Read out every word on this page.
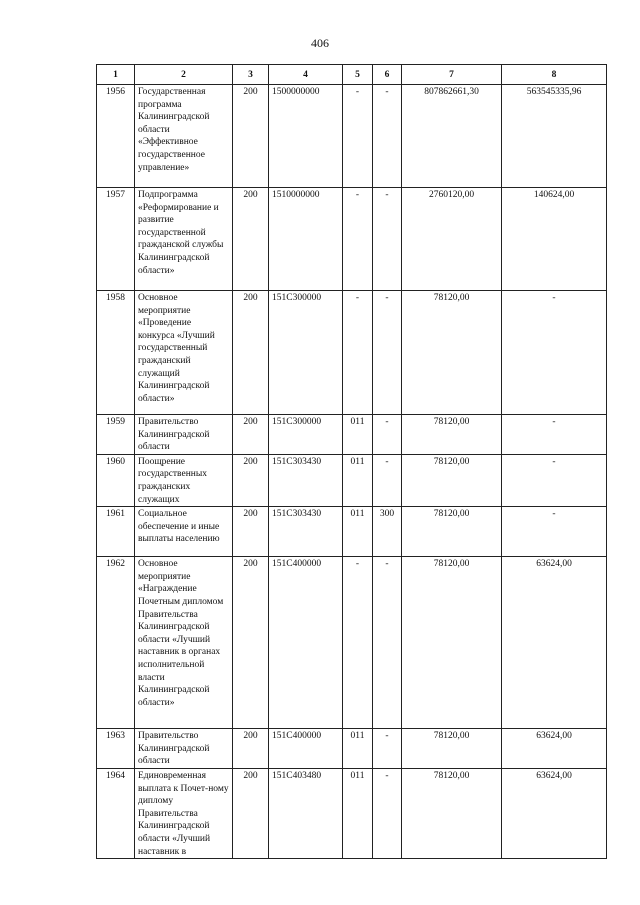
406
1	2	3	4	5	6	7	8
1956	Государственная программа Калининградской области «Эффективное государственное управление»	200	1500000000	-	-	807862661,30	563545335,96
1957	Подпрограмма «Реформирование и развитие государственной гражданской службы Калининградской области»	200	1510000000	-	-	2760120,00	140624,00
1958	Основное мероприятие «Проведение конкурса «Лучший государственный гражданский служащий Калининградской области»	200	151C300000	-	-	78120,00	-
1959	Правительство Калининградской области	200	151C300000	011	-	78120,00	-
1960	Поощрение государственных гражданских служащих	200	151C303430	011	-	78120,00	-
1961	Социальное обеспечение и иные выплаты населению	200	151C303430	011	300	78120,00	-
1962	Основное мероприятие «Награждение Почетным дипломом Правительства Калининградской области «Лучший наставник в органах исполнительной власти Калининградской области»	200	151C400000	-	-	78120,00	63624,00
1963	Правительство Калининградской области	200	151C400000	011	-	78120,00	63624,00
1964	Единовременная выплата к Почет-ному диплому Правительства Калининградской области «Лучший наставник в	200	151C403480	011	-	78120,00	63624,00
